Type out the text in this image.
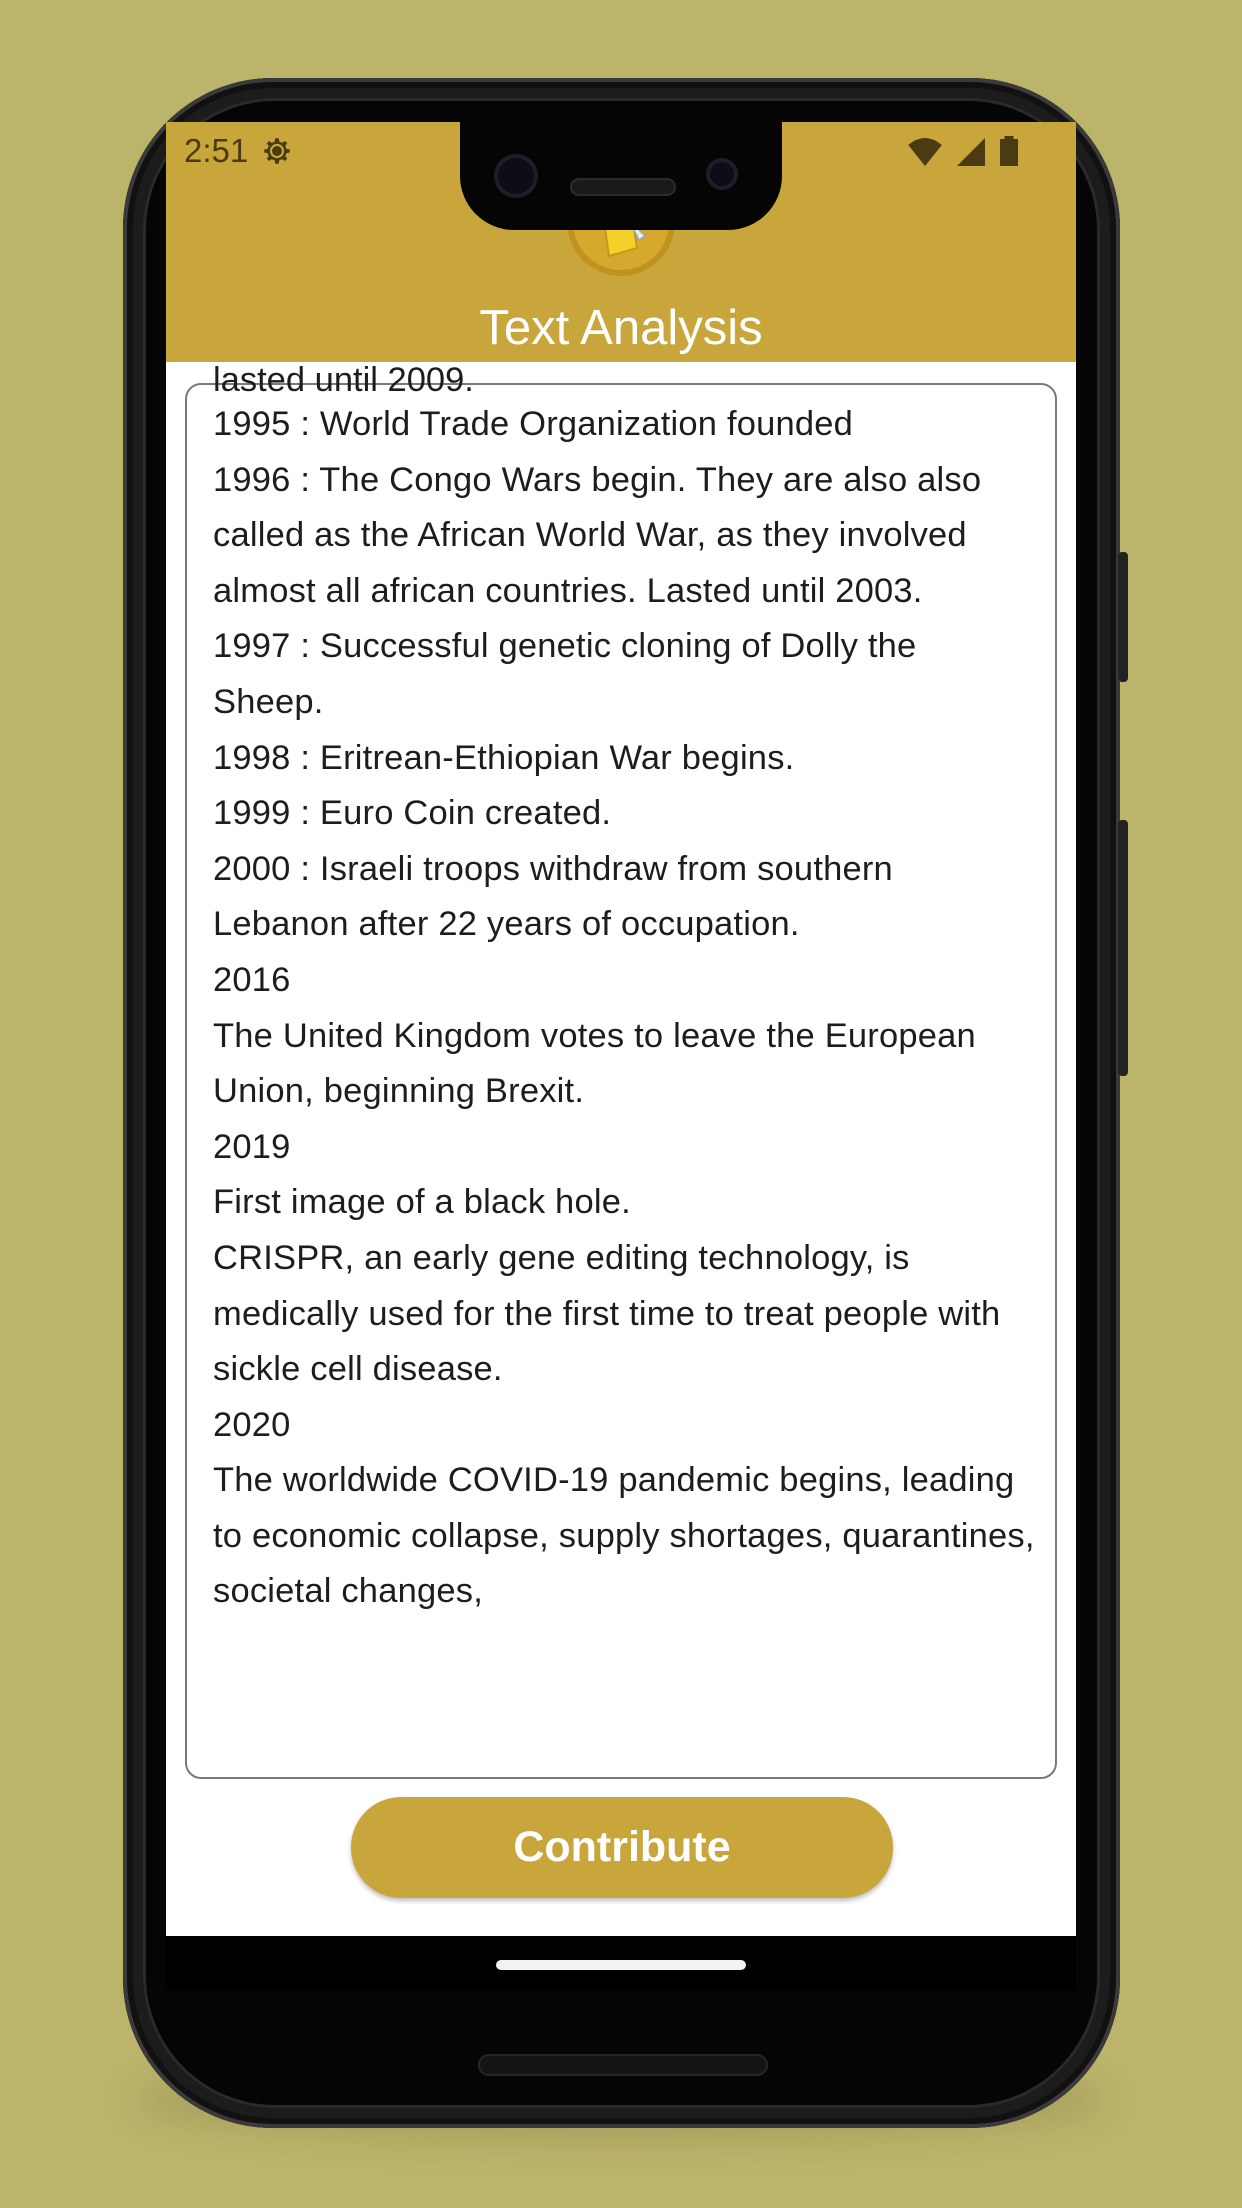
2:51
Text Analysis
lasted until 2009.
1995 : World Trade Organization founded
1996 : The Congo Wars begin. They are also also called as the African World War, as they involved almost all african countries. Lasted until 2003.
1997 : Successful genetic cloning of Dolly the Sheep.
1998 : Eritrean-Ethiopian War begins.
1999 : Euro Coin created.
2000 : Israeli troops withdraw from southern Lebanon after 22 years of occupation.
2016
The United Kingdom votes to leave the European Union, beginning Brexit.
2019
First image of a black hole.
CRISPR, an early gene editing technology, is medically used for the first time to treat people with sickle cell disease.
2020
The worldwide COVID-19 pandemic begins, leading to economic collapse, supply shortages, quarantines, societal changes,
Contribute
